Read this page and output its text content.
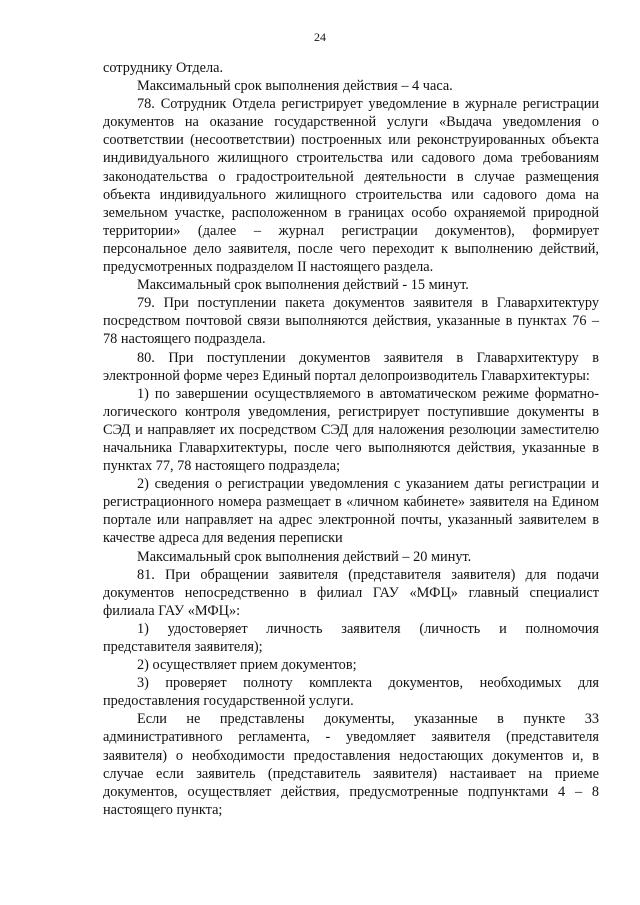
24

сотруднику Отдела.

Максимальный срок выполнения действия – 4 часа.

78. Сотрудник Отдела регистрирует уведомление в журнале регистрации документов на оказание государственной услуги «Выдача уведомления о соответствии (несоответствии) построенных или реконструированных объекта индивидуального жилищного строительства или садового дома требованиям законодательства о градостроительной деятельности в случае размещения объекта индивидуального жилищного строительства или садового дома на земельном участке, расположенном в границах особо охраняемой природной территории» (далее – журнал регистрации документов), формирует персональное дело заявителя, после чего переходит к выполнению действий, предусмотренных подразделом II настоящего раздела.

Максимальный срок выполнения действий - 15 минут.

79. При поступлении пакета документов заявителя в Главархитектуру посредством почтовой связи выполняются действия, указанные в пунктах 76 – 78 настоящего подраздела.

80. При поступлении документов заявителя в Главархитектуру в электронной форме через Единый портал делопроизводитель Главархитектуры:

1) по завершении осуществляемого в автоматическом режиме форматно-логического контроля уведомления, регистрирует поступившие документы в СЭД и направляет их посредством СЭД для наложения резолюции заместителю начальника Главархитектуры, после чего выполняются действия, указанные в пунктах 77, 78 настоящего подраздела;

2) сведения о регистрации уведомления с указанием даты регистрации и регистрационного номера размещает в «личном кабинете» заявителя на Едином портале или направляет на адрес электронной почты, указанный заявителем в качестве адреса для ведения переписки

Максимальный срок выполнения действий – 20 минут.

81. При обращении заявителя (представителя заявителя) для подачи документов непосредственно в филиал ГАУ «МФЦ» главный специалист филиала ГАУ «МФЦ»:

1) удостоверяет личность заявителя (личность и полномочия представителя заявителя);

2) осуществляет прием документов;

3) проверяет полноту комплекта документов, необходимых для предоставления государственной услуги.

Если не представлены документы, указанные в пункте 33 административного регламента, - уведомляет заявителя (представителя заявителя) о необходимости предоставления недостающих документов и, в случае если заявитель (представитель заявителя) настаивает на приеме документов, осуществляет действия, предусмотренные подпунктами 4 – 8 настоящего пункта;
